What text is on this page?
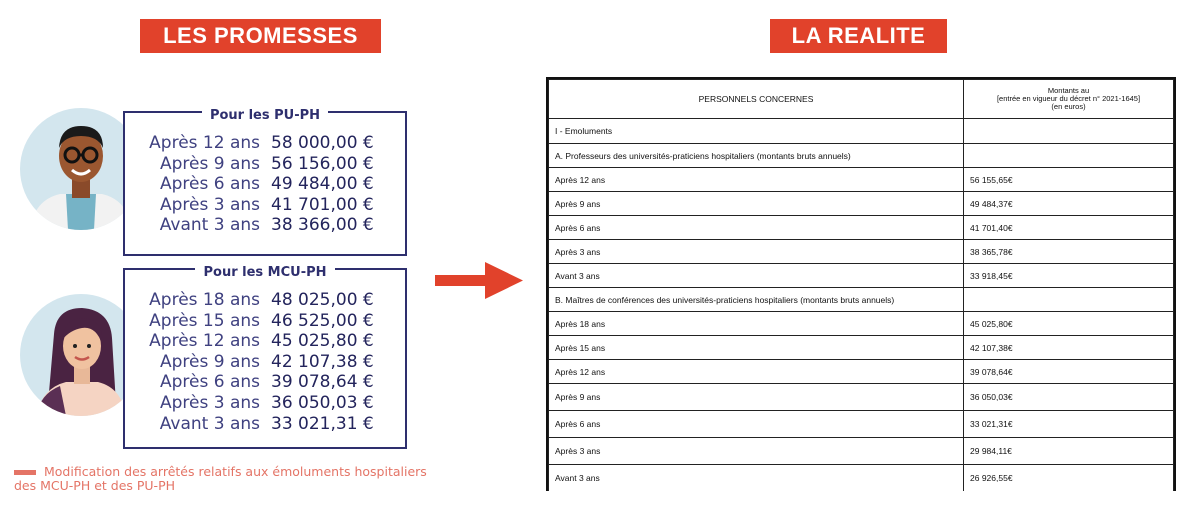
LES PROMESSES	LA REALITE
Pour les PU-PH
Après 12 ans 58 000,00 €
Après 9 ans 56 156,00 €
Après 6 ans 49 484,00 €
Après 3 ans 41 701,00 €
Avant 3 ans 38 366,00 €
Pour les MCU-PH
Après 18 ans 48 025,00 €
Après 15 ans 46 525,00 €
Après 12 ans 45 025,80 €
Après 9 ans 42 107,38 €
Après 6 ans 39 078,64 €
Après 3 ans 36 050,03 €
Avant 3 ans 33 021,31 €
Modification des arrêtés relatifs aux émoluments hospitaliers des MCU-PH et des PU-PH
PERSONNELS CONCERNES	Montants au
[entrée en vigueur du décret n° 2021-1645]
(en euros)

I - Emoluments	
A. Professeurs des universités-praticiens hospitaliers (montants bruts annuels)	
Après 12 ans	56 155,65€
Après 9 ans	49 484,37€
Après 6 ans	41 701,40€
Après 3 ans	38 365,78€
Avant 3 ans	33 918,45€
B. Maîtres de conférences des universités-praticiens hospitaliers (montants bruts annuels)	
Après 18 ans	45 025,80€
Après 15 ans	42 107,38€
Après 12 ans	39 078,64€
Après 9 ans	36 050,03€
Après 6 ans	33 021,31€
Après 3 ans	29 984,11€
Avant 3 ans	26 926,55€
